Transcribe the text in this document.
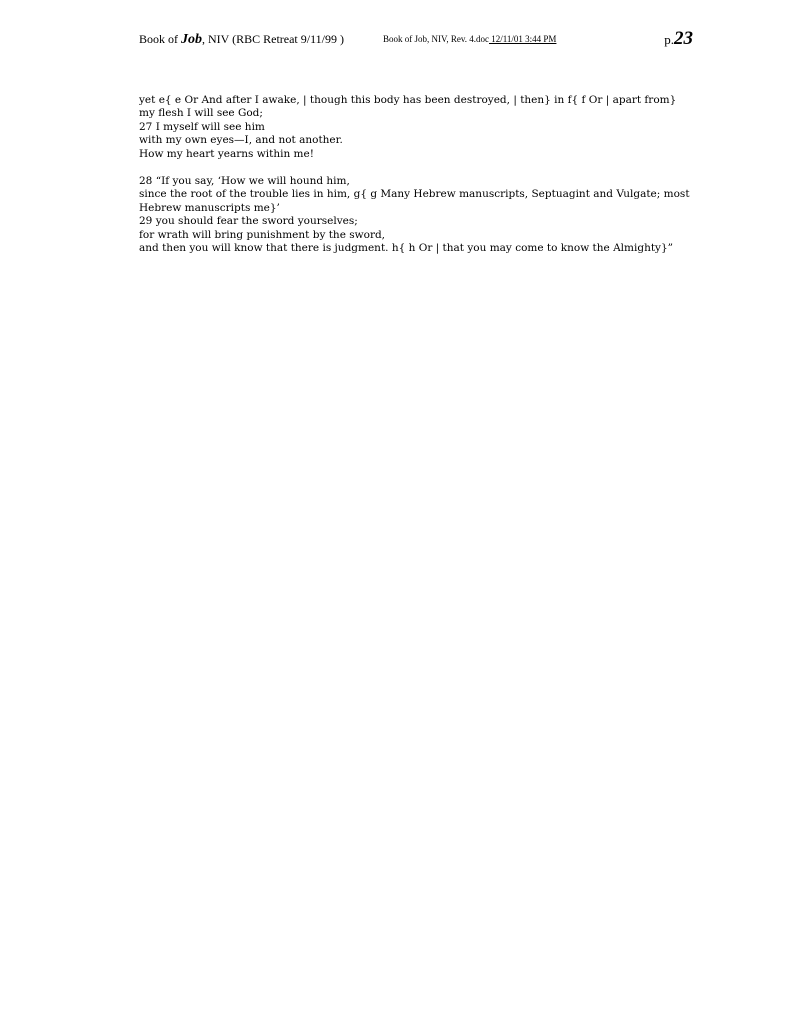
Book of Job, NIV (RBC Retreat 9/11/99 )	Book of Job, NIV, Rev. 4.doc 12/11/01 3:44 PM	p.23
yet e{ e Or And after I awake, | though this body has been destroyed, | then} in f{ f Or | apart from}
my flesh I will see God;
27 I myself will see him
with my own eyes—I, and not another.
How my heart yearns within me!
28 “If you say, ‘How we will hound him,
since the root of the trouble lies in him, g{ g Many Hebrew manuscripts, Septuagint and Vulgate; most
Hebrew manuscripts me}’
29 you should fear the sword yourselves;
for wrath will bring punishment by the sword,
and then you will know that there is judgment. h{ h Or | that you may come to know the Almighty}”
